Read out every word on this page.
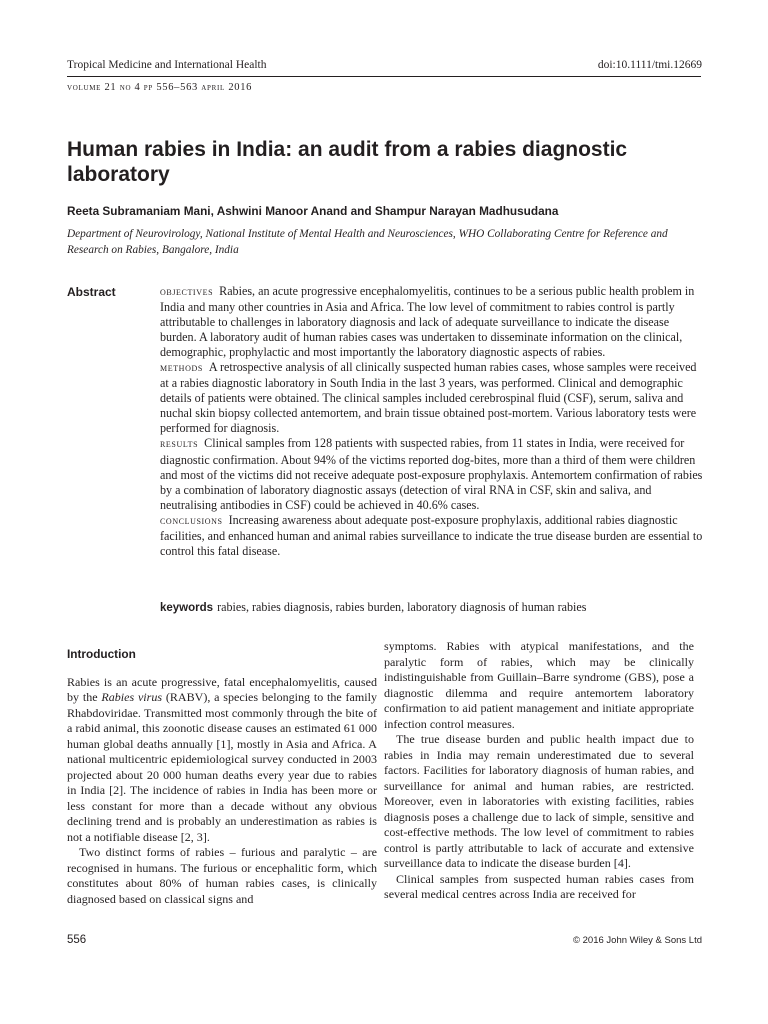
Tropical Medicine and International Health	doi:10.1111/tmi.12669
volume 21 no 4 pp 556–563 april 2016
Human rabies in India: an audit from a rabies diagnostic laboratory
Reeta Subramaniam Mani, Ashwini Manoor Anand and Shampur Narayan Madhusudana
Department of Neurovirology, National Institute of Mental Health and Neurosciences, WHO Collaborating Centre for Reference and Research on Rabies, Bangalore, India
Abstract	objectives Rabies, an acute progressive encephalomyelitis, continues to be a serious public health problem in India and many other countries in Asia and Africa. The low level of commitment to rabies control is partly attributable to challenges in laboratory diagnosis and lack of adequate surveillance to indicate the disease burden. A laboratory audit of human rabies cases was undertaken to disseminate information on the clinical, demographic, prophylactic and most importantly the laboratory diagnostic aspects of rabies.

methods A retrospective analysis of all clinically suspected human rabies cases, whose samples were received at a rabies diagnostic laboratory in South India in the last 3 years, was performed. Clinical and demographic details of patients were obtained. The clinical samples included cerebrospinal fluid (CSF), serum, saliva and nuchal skin biopsy collected antemortem, and brain tissue obtained post-mortem. Various laboratory tests were performed for diagnosis.

results Clinical samples from 128 patients with suspected rabies, from 11 states in India, were received for diagnostic confirmation. About 94% of the victims reported dog-bites, more than a third of them were children and most of the victims did not receive adequate post-exposure prophylaxis. Antemortem confirmation of rabies by a combination of laboratory diagnostic assays (detection of viral RNA in CSF, skin and saliva, and neutralising antibodies in CSF) could be achieved in 40.6% cases.

conclusions Increasing awareness about adequate post-exposure prophylaxis, additional rabies diagnostic facilities, and enhanced human and animal rabies surveillance to indicate the true disease burden are essential to control this fatal disease.

keywords rabies, rabies diagnosis, rabies burden, laboratory diagnosis of human rabies
Introduction

Rabies is an acute progressive, fatal encephalomyelitis, caused by the Rabies virus (RABV), a species belonging to the family Rhabdoviridae. Transmitted most commonly through the bite of a rabid animal, this zoonotic disease causes an estimated 61 000 human global deaths annually [1], mostly in Asia and Africa. A national multicentric epidemiological survey conducted in 2003 projected about 20 000 human deaths every year due to rabies in India [2]. The incidence of rabies in India has been more or less constant for more than a decade without any obvious declining trend and is probably an underestimation as rabies is not a notifiable disease [2, 3].

Two distinct forms of rabies – furious and paralytic – are recognised in humans. The furious or encephalitic form, which constitutes about 80% of human rabies cases, is clinically diagnosed based on classical signs and

symptoms. Rabies with atypical manifestations, and the paralytic form of rabies, which may be clinically indistinguishable from Guillain–Barre syndrome (GBS), pose a diagnostic dilemma and require antemortem laboratory confirmation to aid patient management and initiate appropriate infection control measures.

The true disease burden and public health impact due to rabies in India may remain underestimated due to several factors. Facilities for laboratory diagnosis of human rabies, and surveillance for animal and human rabies, are restricted. Moreover, even in laboratories with existing facilities, rabies diagnosis poses a challenge due to lack of simple, sensitive and cost-effective methods. The low level of commitment to rabies control is partly attributable to lack of accurate and extensive surveillance data to indicate the disease burden [4].

Clinical samples from suspected human rabies cases from several medical centres across India are received for

556	© 2016 John Wiley & Sons Ltd
